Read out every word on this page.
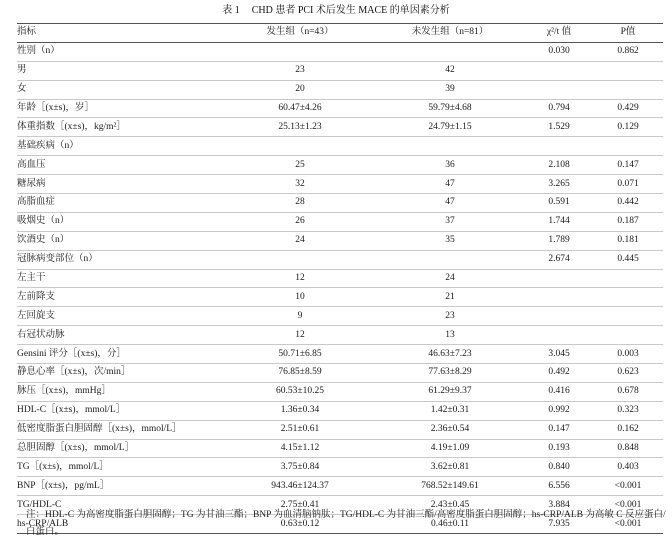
表 1 CHD 患者 PCI 术后发生 MACE 的单因素分析
指标	发生组（n=43）	未发生组（n=81）	χ²/t 值	P值
性别（n）			0.030	0.862
男	23	42		
女	20	39		
年龄［(x±s)，岁］	60.47±4.26	59.79±4.68	0.794	0.429
体重指数［(x±s)，kg/m²］	25.13±1.23	24.79±1.15	1.529	0.129
基础疾病（n）				
高血压	25	36	2.108	0.147
糖尿病	32	47	3.265	0.071
高脂血症	28	47	0.591	0.442
吸烟史（n）	26	37	1.744	0.187
饮酒史（n）	24	35	1.789	0.181
冠脉病变部位（n）			2.674	0.445
左主干	12	24		
左前降支	10	21		
左回旋支	9	23		
右冠状动脉	12	13		
Gensini 评分［(x±s)，分］	50.71±6.85	46.63±7.23	3.045	0.003
静息心率［(x±s)，次/min］	76.85±8.59	77.63±8.29	0.492	0.623
脉压［(x±s)，mmHg］	60.53±10.25	61.29±9.37	0.416	0.678
HDL-C［(x±s)，mmol/L］	1.36±0.34	1.42±0.31	0.992	0.323
低密度脂蛋白胆固醇［(x±s)，mmol/L］	2.51±0.61	2.36±0.54	0.147	0.162
总胆固醇［(x±s)，mmol/L］	4.15±1.12	4.19±1.09	0.193	0.848
TG［(x±s)，mmol/L］	3.75±0.84	3.62±0.81	0.840	0.403
BNP［(x±s)，pg/mL］	943.46±124.37	768.52±149.61	6.556	<0.001
TG/HDL-C	2.75±0.41	2.43±0.45	3.884	<0.001
hs-CRP/ALB	0.63±0.12	0.46±0.11	7.935	<0.001
注：HDL-C 为高密度脂蛋白胆固醇；TG 为甘油三酯；BNP 为血清脑钠肽；TG/HDL-C 为甘油三酯/高密度脂蛋白胆固醇；hs-CRP/ALB 为高敏 C 反应蛋白/白蛋白。
